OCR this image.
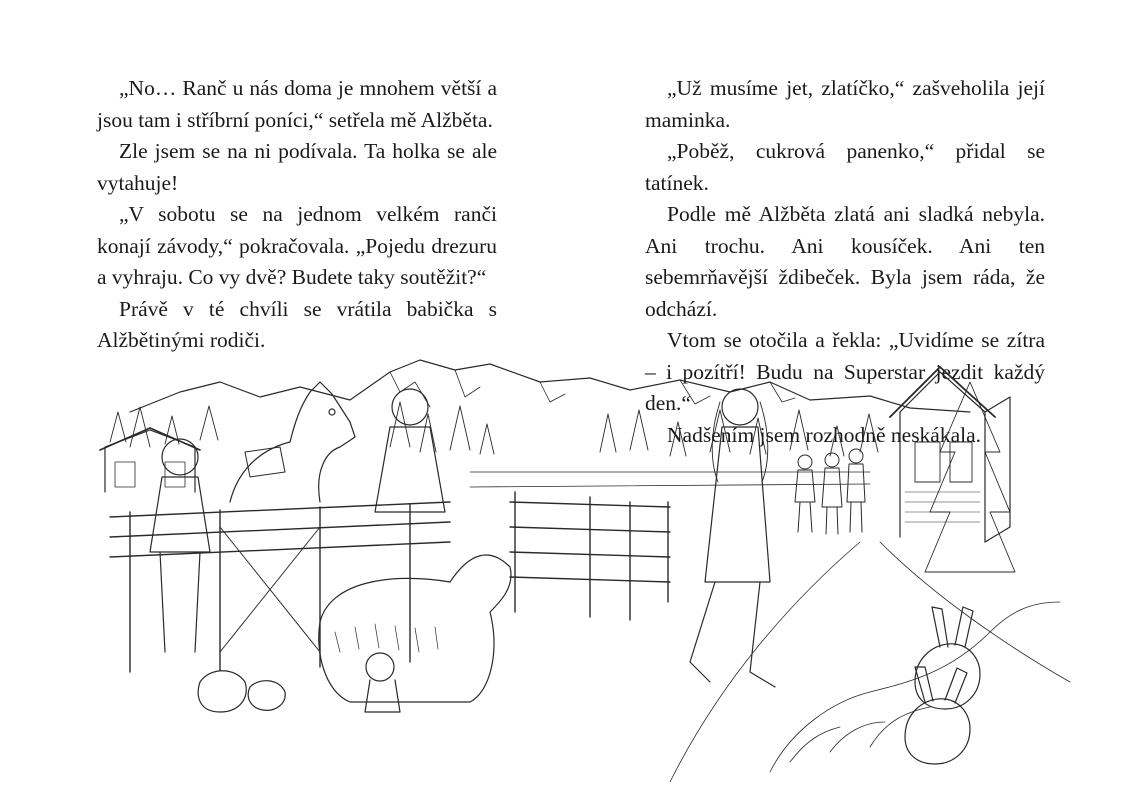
„No… Ranč u nás doma je mnohem větší a jsou tam i stříbrní poníci,“ setřela mě Alžběta.

Zle jsem se na ni podívala. Ta holka se ale vytahuje!

„V sobotu se na jednom velkém ranči konají závody,“ pokračovala. „Pojedu drezuru a vyhraju. Co vy dvě? Budete taky soutěžit?“

Právě v té chvíli se vrátila babička s Alžbětinými rodiči.

„Už musíme jet, zlatíčko,“ zašveholila její maminka.

„Poběž, cukrová panenko,“ přidal se tatínek.

Podle mě Alžběta zlatá ani sladká nebyla. Ani trochu. Ani kousíček. Ani ten sebemrňavější ždibeček. Byla jsem ráda, že odchází.

Vtom se otočila a řekla: „Uvidíme se zítra – i pozítří! Budu na Superstar jezdit každý den.“

Nadšením jsem rozhodně neskákala.
